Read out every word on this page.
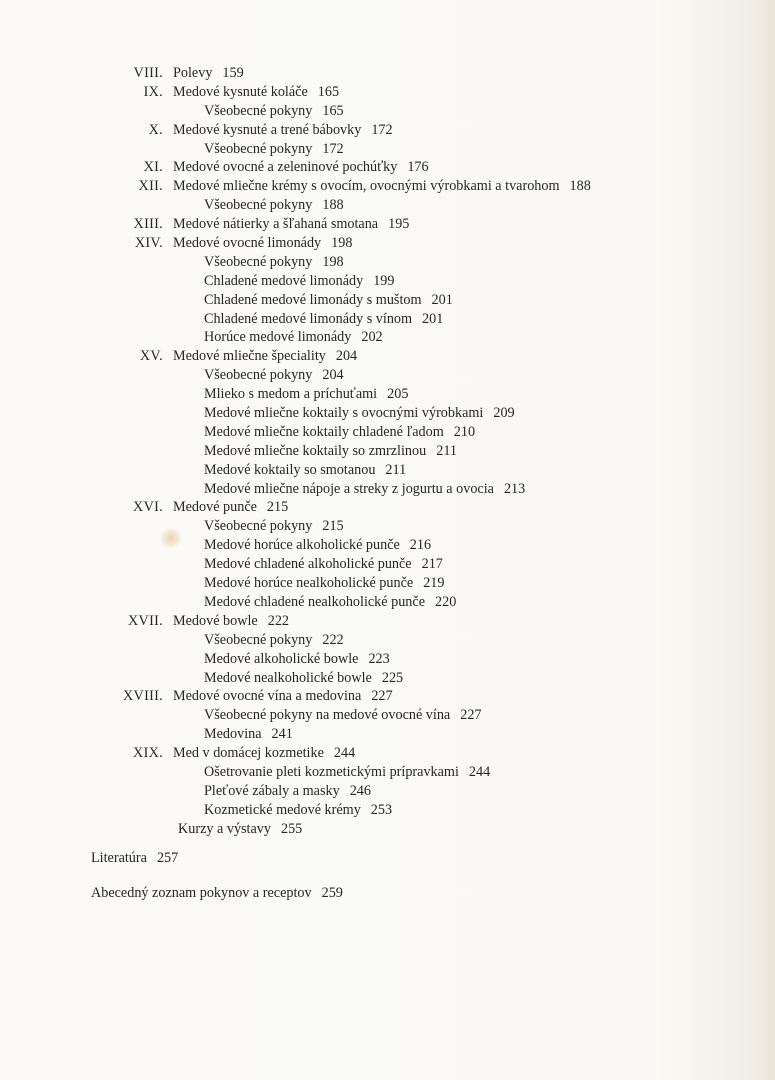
VIII. Polevy 159
IX. Medové kysnuté koláče 165
Všeobecné pokyny 165
X. Medové kysnuté a trené bábovky 172
Všeobecné pokyny 172
XI. Medové ovocné a zeleninové pochúťky 176
XII. Medové mliečne krémy s ovocím, ovocnými výrobkami a tvarohom 188
Všeobecné pokyny 188
XIII. Medové nátierky a šľahaná smotana 195
XIV. Medové ovocné limonády 198
Všeobecné pokyny 198
Chladené medové limonády 199
Chladené medové limonády s muštom 201
Chladené medové limonády s vínom 201
Horúce medové limonády 202
XV. Medové mliečne špeciality 204
Všeobecné pokyny 204
Mlieko s medom a príchuťami 205
Medové mliečne koktaily s ovocnými výrobkami 209
Medové mliečne koktaily chladené ľadom 210
Medové mliečne koktaily so zmrzlinou 211
Medové koktaily so smotanou 211
Medové mliečne nápoje a streky z jogurtu a ovocia 213
XVI. Medové punče 215
Všeobecné pokyny 215
Medové horúce alkoholické punče 216
Medové chladené alkoholické punče 217
Medové horúce nealkoholické punče 219
Medové chladené nealkoholické punče 220
XVII. Medové bowle 222
Všeobecné pokyny 222
Medové alkoholické bowle 223
Medové nealkoholické bowle 225
XVIII. Medové ovocné vína a medovina 227
Všeobecné pokyny na medové ovocné vína 227
Medovina 241
XIX. Med v domácej kozmetike 244
Ošetrovanie pleti kozmetickými prípravkami 244
Pleťové zábaly a masky 246
Kozmetické medové krémy 253
Kurzy a výstavy 255
Literatúra 257
Abecedný zoznam pokynov a receptov 259
